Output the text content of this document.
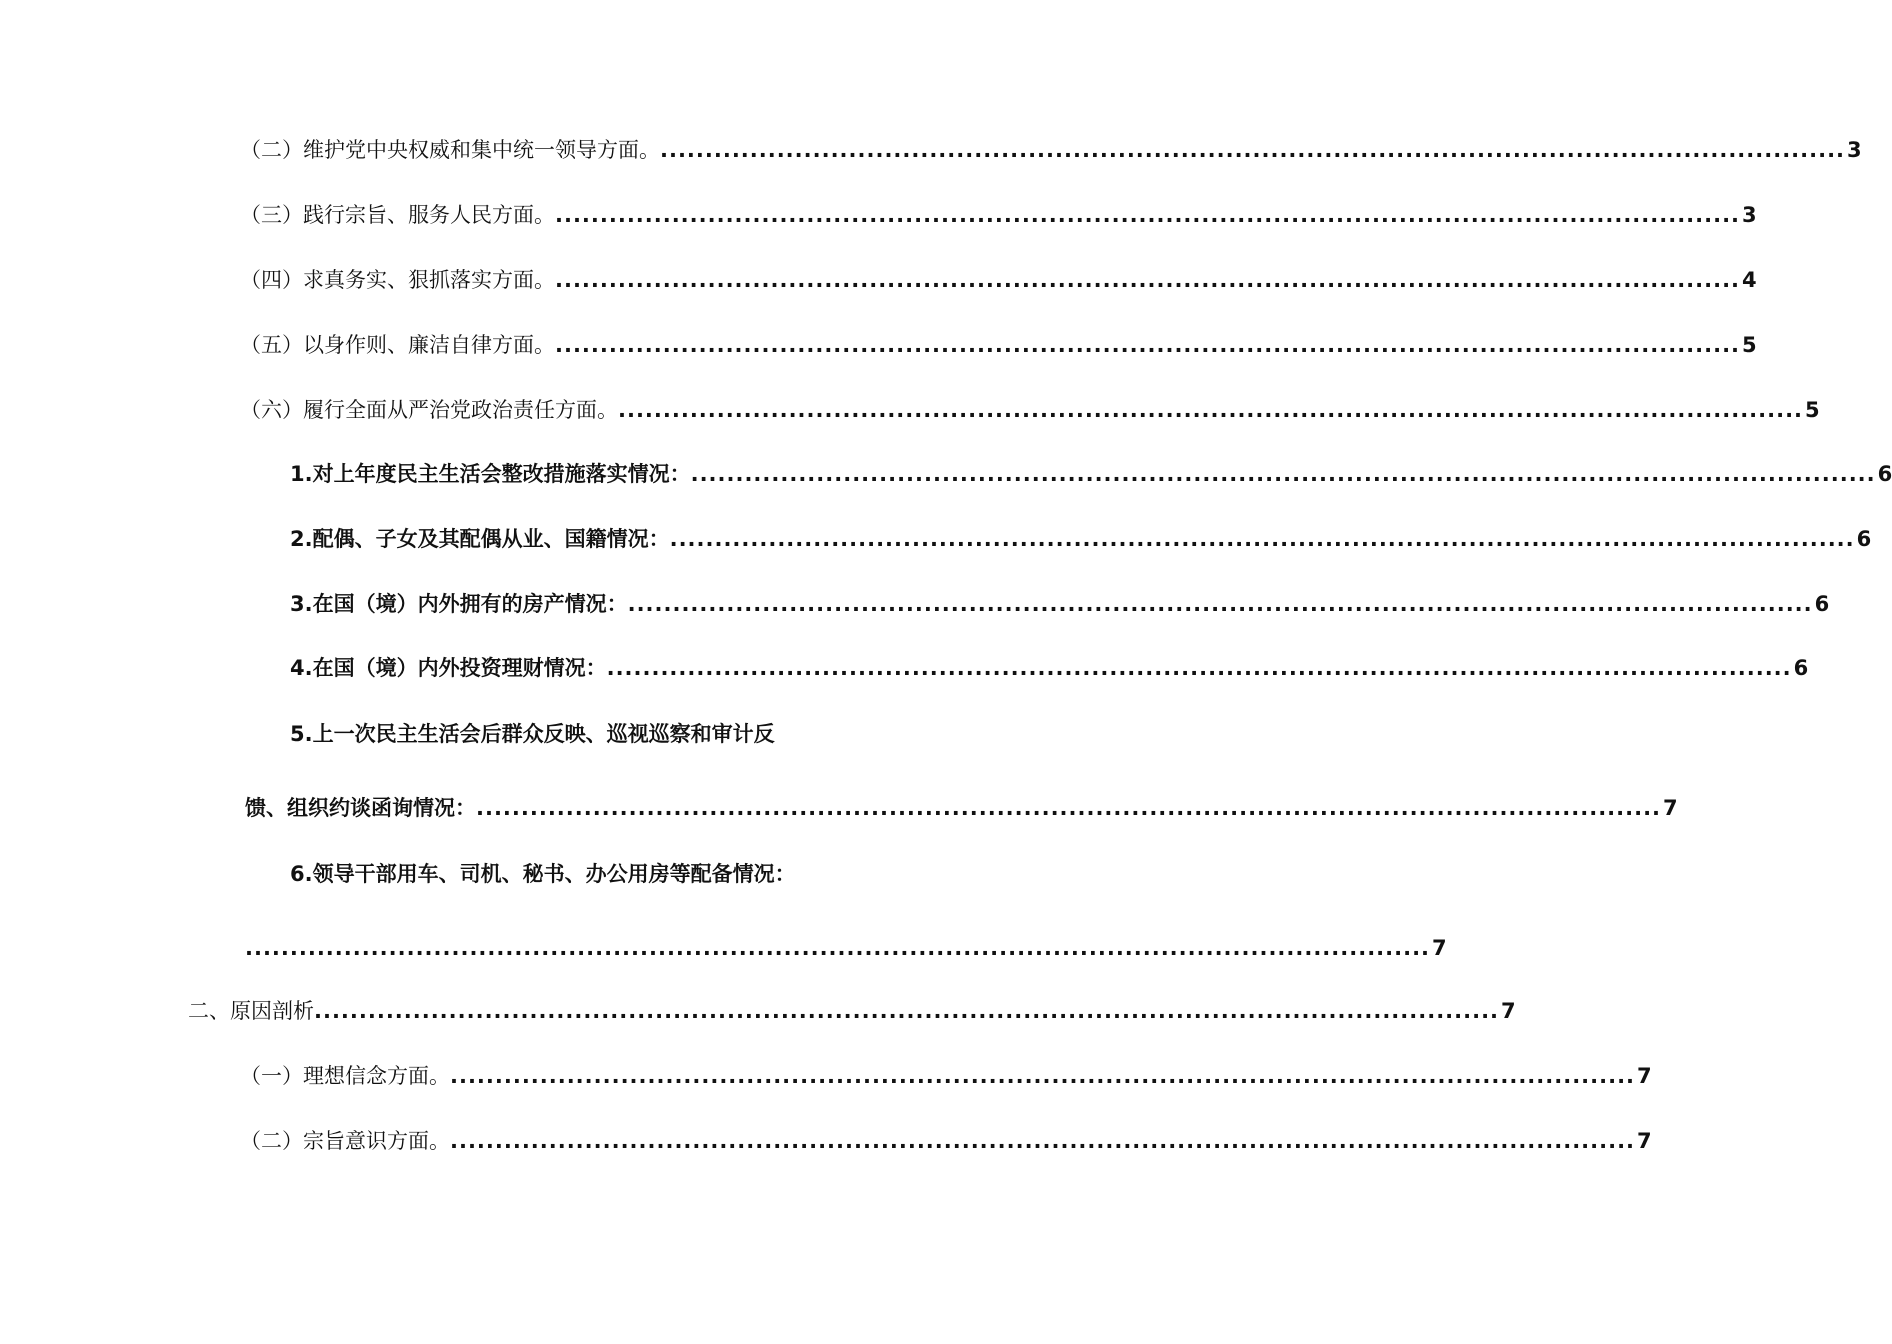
（二）维护党中央权威和集中统一领导方面。 .................................................................................................................................... 3
（三）践行宗旨、服务人民方面。 .................................................................................................................................... 3
（四）求真务实、狠抓落实方面。 .................................................................................................................................... 4
（五）以身作则、廉洁自律方面。 .................................................................................................................................... 5
（六）履行全面从严治党政治责任方面。 .................................................................................................................................... 5
1.对上年度民主生活会整改措施落实情况： .................................................................................................................................... 6
2.配偶、子女及其配偶从业、国籍情况： .................................................................................................................................... 6
3.在国（境）内外拥有的房产情况： .................................................................................................................................... 6
4.在国（境）内外投资理财情况： .................................................................................................................................... 6
5.上一次民主生活会后群众反映、巡视巡察和审计反
馈、组织约谈函询情况： .................................................................................................................................... 7
6.领导干部用车、司机、秘书、办公用房等配备情况：
.................................................................................................................................... 7
二、原因剖析 .................................................................................................................................... 7
（一）理想信念方面。 .................................................................................................................................... 7
（二）宗旨意识方面。 .................................................................................................................................... 7
